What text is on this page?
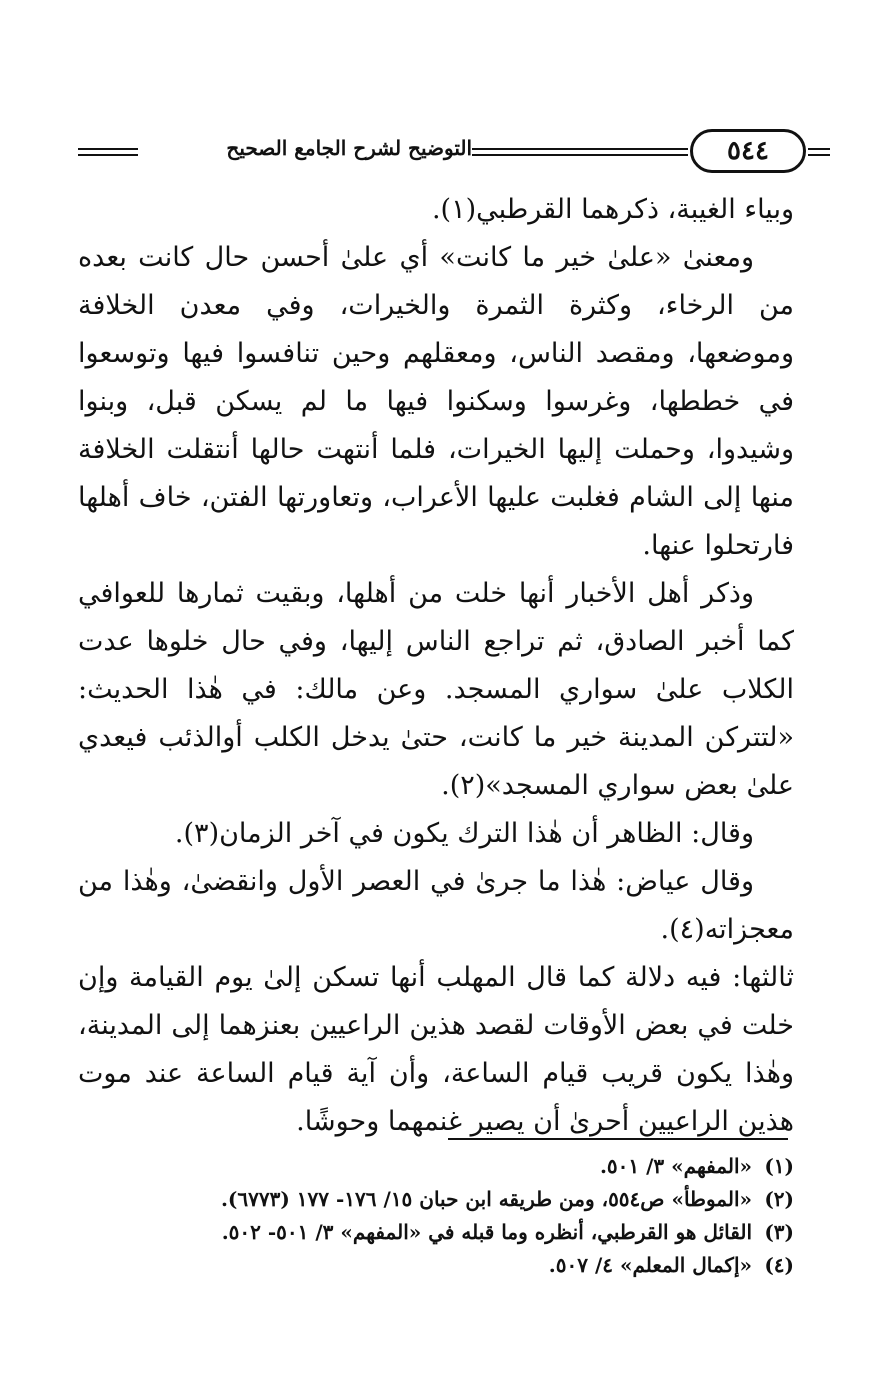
٥٤٤
التوضيح لشرح الجامع الصحيح

وبياء الغيبة، ذكرهما القرطبي(١).

ومعنىٰ «علىٰ خير ما كانت» أي علىٰ أحسن حال كانت بعده من الرخاء، وكثرة الثمرة والخيرات، وفي معدن الخلافة وموضعها، ومقصد الناس، ومعقلهم وحين تنافسوا فيها وتوسعوا في خططها، وغرسوا وسكنوا فيها ما لم يسكن قبل، وبنوا وشيدوا، وحملت إليها الخيرات، فلما أنتهت حالها أنتقلت الخلافة منها إلى الشام فغلبت عليها الأعراب، وتعاورتها الفتن، خاف أهلها فارتحلوا عنها.

وذكر أهل الأخبار أنها خلت من أهلها، وبقيت ثمارها للعوافي كما أخبر الصادق، ثم تراجع الناس إليها، وفي حال خلوها عدت الكلاب علىٰ سواري المسجد. وعن مالك: في هٰذا الحديث: «لتتركن المدينة خير ما كانت، حتىٰ يدخل الكلب أوالذئب فيعدي علىٰ بعض سواري المسجد»(٢).

وقال: الظاهر أن هٰذا الترك يكون في آخر الزمان(٣).

وقال عياض: هٰذا ما جرىٰ في العصر الأول وانقضىٰ، وهٰذا من معجزاته(٤).

ثالثها: فيه دلالة كما قال المهلب أنها تسكن إلىٰ يوم القيامة وإن خلت في بعض الأوقات لقصد هذين الراعيين بعنزهما إلى المدينة، وهٰذا يكون قريب قيام الساعة، وأن آية قيام الساعة عند موت هذين الراعيين أحرىٰ أن يصير غنمهما وحوشًا.

(١)«المفهم» ٣/ ٥٠١.

(٢)«الموطأ» ص٥٥٤، ومن طريقه ابن حبان ١٥/ ١٧٦- ١٧٧ (٦٧٧٣).

(٣)القائل هو القرطبي، أنظره وما قبله في «المفهم» ٣/ ٥٠١- ٥٠٢.

(٤)«إكمال المعلم» ٤/ ٥٠٧.
